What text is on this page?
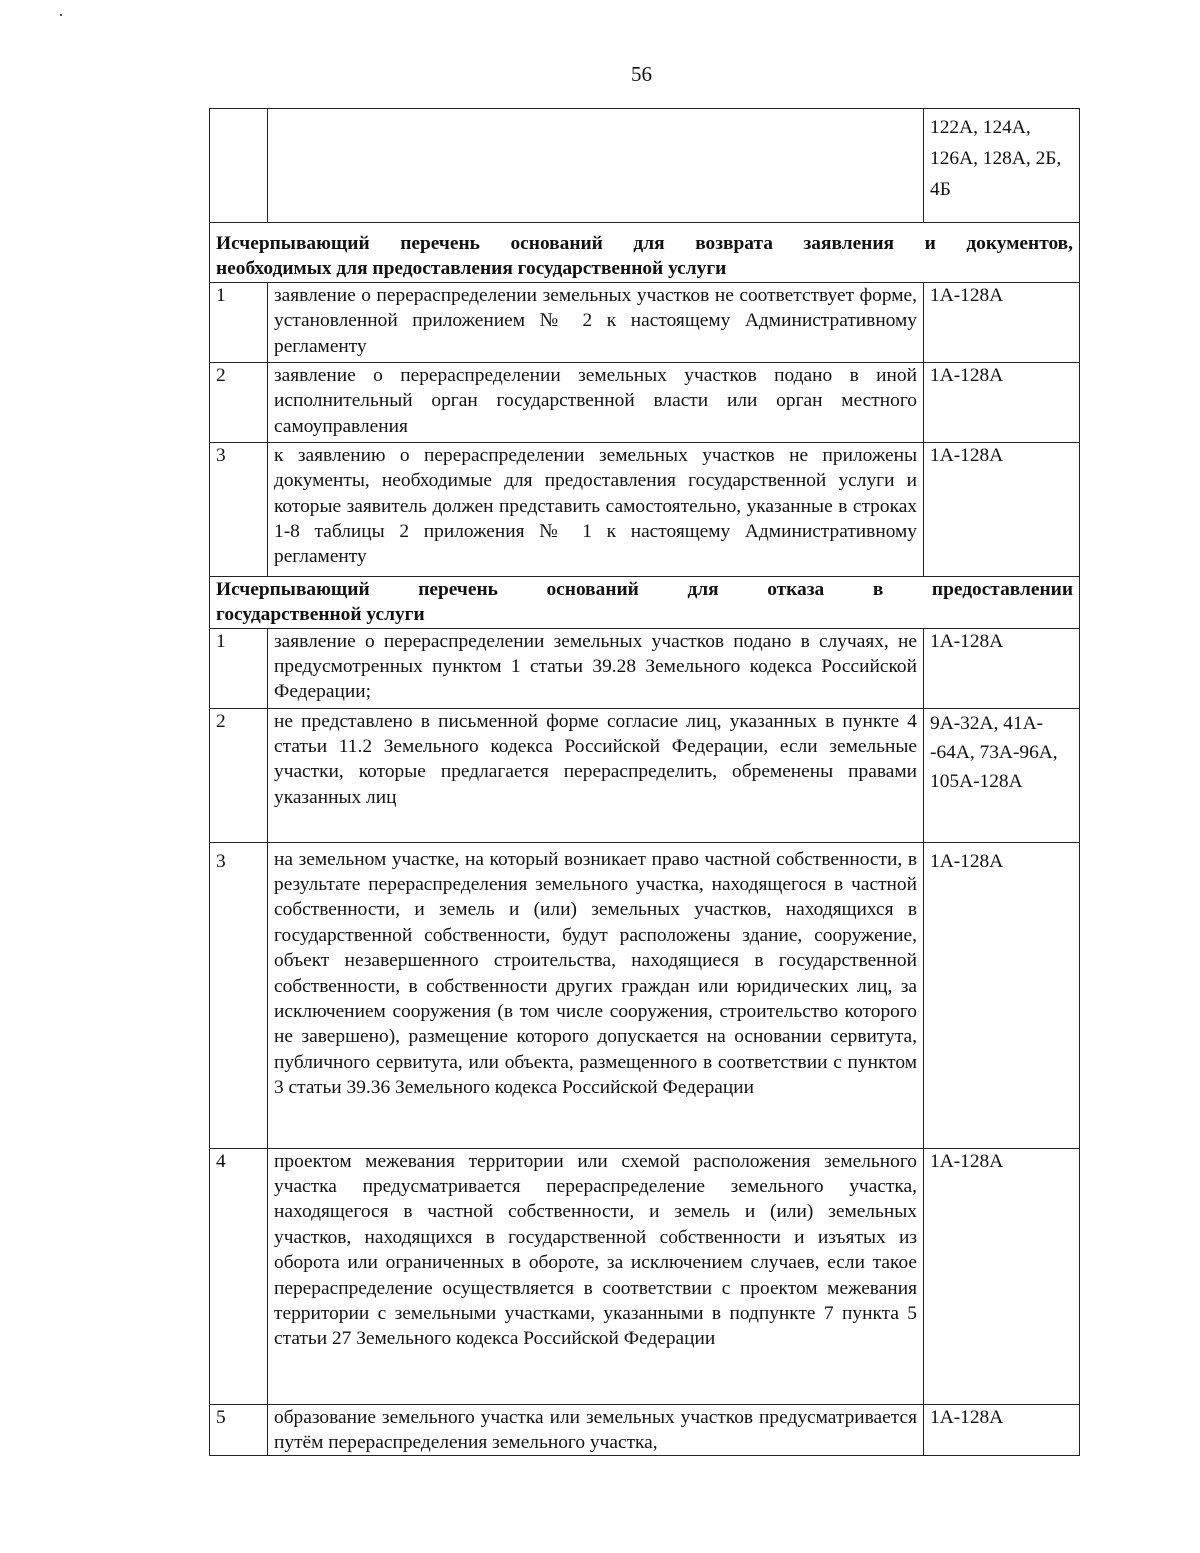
56
		122А, 124А, 126А, 128А, 2Б, 4Б
Исчерпывающий перечень оснований для возврата заявления и документов,
необходимых для предоставления государственной услуги		

1	заявление о перераспределении земельных участков не соответствует форме, установленной приложением № 2 к настоящему Административному регламенту	1А-128А
2	заявление о перераспределении земельных участков подано в иной исполнительный орган государственной власти или орган местного самоуправления	1А-128А
3	к заявлению о перераспределении земельных участков не приложены документы, необходимые для предоставления государственной услуги и которые заявитель должен представить самостоятельно, указанные в строках 1-8 таблицы 2 приложения № 1 к настоящему Административному регламенту	1А-128А
Исчерпывающий перечень оснований для отказа в предоставлении
государственной услуги		

1	заявление о перераспределении земельных участков подано в случаях, не предусмотренных пунктом 1 статьи 39.28 Земельного кодекса Российской Федерации;	1А-128А
2	не представлено в письменной форме согласие лиц, указанных в пункте 4 статьи 11.2 Земельного кодекса Российской Федерации, если земельные участки, которые предлагается перераспределить, обременены правами указанных лиц	9А-32А, 41А--64А, 73А-96А, 105А-128А
3	на земельном участке, на который возникает право частной собственности, в результате перераспределения земельного участка, находящегося в частной собственности, и земель и (или) земельных участков, находящихся в государственной собственности, будут расположены здание, сооружение, объект незавершенного строительства, находящиеся в государственной собственности, в собственности других граждан или юридических лиц, за исключением сооружения (в том числе сооружения, строительство которого не завершено), размещение которого допускается на основании сервитута, публичного сервитута, или объекта, размещенного в соответствии с пунктом 3 статьи 39.36 Земельного кодекса Российской Федерации	1А-128А
4	проектом межевания территории или схемой расположения земельного участка предусматривается перераспределение земельного участка, находящегося в частной собственности, и земель и (или) земельных участков, находящихся в государственной собственности и изъятых из оборота или ограниченных в обороте, за исключением случаев, если такое перераспределение осуществляется в соответствии с проектом межевания территории с земельными участками, указанными в подпункте 7 пункта 5 статьи 27 Земельного кодекса Российской Федерации	1А-128А
5	образование земельного участка или земельных участков предусматривается путём перераспределения земельного участка,	1А-128А
